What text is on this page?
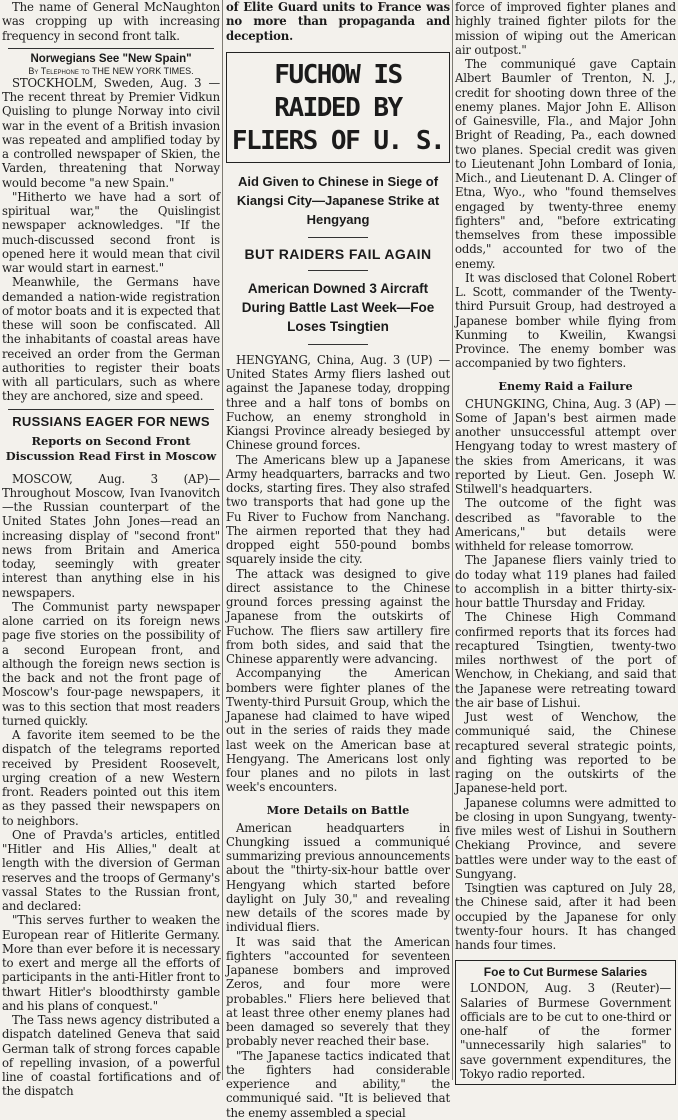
The name of General McNaughton was cropping up with increasing frequency in second front talk.

Norwegians See "New Spain"
By Telephone to THE NEW YORK TIMES.

STOCKHOLM, Sweden, Aug. 3 —The recent threat by Premier Vidkun Quisling to plunge Norway into civil war in the event of a British invasion was repeated and amplified today by a controlled newspaper of Skien, the Varden, threatening that Norway would become "a new Spain."

"Hitherto we have had a sort of spiritual war," the Quislingist newspaper acknowledges. "If the much-discussed second front is opened here it would mean that civil war would start in earnest."

Meanwhile, the Germans have demanded a nation-wide registration of motor boats and it is expected that these will soon be confiscated. All the inhabitants of coastal areas have received an order from the German authorities to register their boats with all particulars, such as where they are anchored, size and speed.

RUSSIANS EAGER FOR NEWS
Reports on Second Front Discussion Read First in Moscow

MOSCOW, Aug. 3 (AP)—Throughout Moscow, Ivan Ivanovitch—the Russian counterpart of the United States John Jones—read an increasing display of "second front" news from Britain and America today, seemingly with greater interest than anything else in his newspapers.

The Communist party newspaper alone carried on its foreign news page five stories on the possibility of a second European front, and although the foreign news section is the back and not the front page of Moscow's four-page newspapers, it was to this section that most readers turned quickly.

A favorite item seemed to be the dispatch of the telegrams reported received by President Roosevelt, urging creation of a new Western front. Readers pointed out this item as they passed their newspapers on to neighbors.

One of Pravda's articles, entitled "Hitler and His Allies," dealt at length with the diversion of German reserves and the troops of Germany's vassal States to the Russian front, and declared:

"This serves further to weaken the European rear of Hitlerite Germany. More than ever before it is necessary to exert and merge all the efforts of participants in the anti-Hitler front to thwart Hitler's bloodthirsty gamble and his plans of conquest."

The Tass news agency distributed a dispatch datelined Geneva that said German talk of strong forces capable of repelling invasion, of a powerful line of coastal fortifications and of the dispatch

of Elite Guard units to France was no more than propaganda and deception.

FUCHOW IS RAIDED BY FLIERS OF U. S.
Aid Given to Chinese in Siege of Kiangsi City—Japanese Strike at Hengyang
BUT RAIDERS FAIL AGAIN
American Downed 3 Aircraft During Battle Last Week—Foe Loses Tsingtien

HENGYANG, China, Aug. 3 (UP) —United States Army fliers lashed out against the Japanese today, dropping three and a half tons of bombs on Fuchow, an enemy stronghold in Kiangsi Province already besieged by Chinese ground forces.

The Americans blew up a Japanese Army headquarters, barracks and two docks, starting fires. They also strafed two transports that had gone up the Fu River to Fuchow from Nanchang. The airmen reported that they had dropped eight 550-pound bombs squarely inside the city.

The attack was designed to give direct assistance to the Chinese ground forces pressing against the Japanese from the outskirts of Fuchow. The fliers saw artillery fire from both sides, and said that the Chinese apparently were advancing.

Accompanying the American bombers were fighter planes of the Twenty-third Pursuit Group, which the Japanese had claimed to have wiped out in the series of raids they made last week on the American base at Hengyang. The Americans lost only four planes and no pilots in last week's encounters.

More Details on Battle

American headquarters in Chungking issued a communiqué summarizing previous announcements about the "thirty-six-hour battle over Hengyang which started before daylight on July 30," and revealing new details of the scores made by individual fliers.

It was said that the American fighters "accounted for seventeen Japanese bombers and improved Zeros, and four more were probables." Fliers here believed that at least three other enemy planes had been damaged so severely that they probably never reached their base.

"The Japanese tactics indicated that the fighters had considerable experience and ability," the communiqué said. "It is believed that the enemy assembled a special

force of improved fighter planes and highly trained fighter pilots for the mission of wiping out the American air outpost."

The communiqué gave Captain Albert Baumler of Trenton, N. J., credit for shooting down three of the enemy planes. Major John E. Allison of Gainesville, Fla., and Major John Bright of Reading, Pa., each downed two planes. Special credit was given to Lieutenant John Lombard of Ionia, Mich., and Lieutenant D. A. Clinger of Etna, Wyo., who "found themselves engaged by twenty-three enemy fighters" and, "before extricating themselves from these impossible odds," accounted for two of the enemy.

It was disclosed that Colonel Robert L. Scott, commander of the Twenty-third Pursuit Group, had destroyed a Japanese bomber while flying from Kunming to Kweilin, Kwangsi Province. The enemy bomber was accompanied by two fighters.

Enemy Raid a Failure

CHUNGKING, China, Aug. 3 (AP) —Some of Japan's best airmen made another unsuccessful attempt over Hengyang today to wrest mastery of the skies from Americans, it was reported by Lieut. Gen. Joseph W. Stilwell's headquarters.

The outcome of the fight was described as "favorable to the Americans," but details were withheld for release tomorrow.

The Japanese fliers vainly tried to do today what 119 planes had failed to accomplish in a bitter thirty-six-hour battle Thursday and Friday.

The Chinese High Command confirmed reports that its forces had recaptured Tsingtien, twenty-two miles northwest of the port of Wenchow, in Chekiang, and said that the Japanese were retreating toward the air base of Lishui.

Just west of Wenchow, the communiqué said, the Chinese recaptured several strategic points, and fighting was reported to be raging on the outskirts of the Japanese-held port.

Japanese columns were admitted to be closing in upon Sungyang, twenty-five miles west of Lishui in Southern Chekiang Province, and severe battles were under way to the east of Sungyang.

Tsingtien was captured on July 28, the Chinese said, after it had been occupied by the Japanese for only twenty-four hours. It has changed hands four times.

Foe to Cut Burmese Salaries

LONDON, Aug. 3 (Reuter)—Salaries of Burmese Government officials are to be cut to one-third or one-half of the former "unnecessarily high salaries" to save government expenditures, the Tokyo radio reported.
